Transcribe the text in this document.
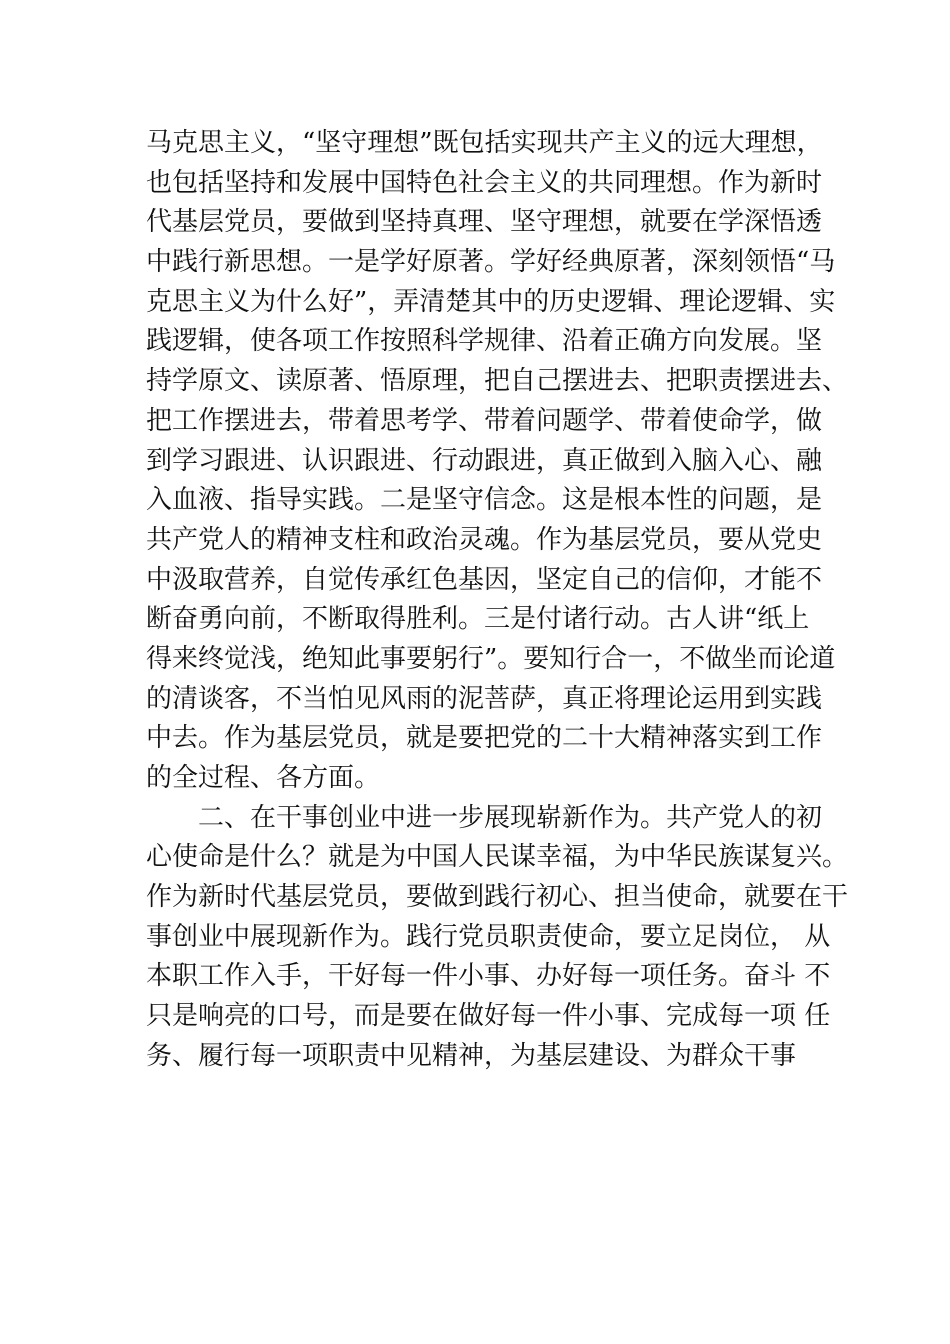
马克思主义，“坚守理想”既包括实现共产主义的远大理想，
也包括坚持和发展中国特色社会主义的共同理想。作为新时
代基层党员，要做到坚持真理、坚守理想，就要在学深悟透
中践行新思想。一是学好原著。学好经典原著，深刻领悟“马
克思主义为什么好”，弄清楚其中的历史逻辑、理论逻辑、实
践逻辑，使各项工作按照科学规律、沿着正确方向发展。坚
持学原文、读原著、悟原理，把自己摆进去、把职责摆进去、
把工作摆进去，带着思考学、带着问题学、带着使命学，做
到学习跟进、认识跟进、行动跟进，真正做到入脑入心、融
入血液、指导实践。二是坚守信念。这是根本性的问题，是
共产党人的精神支柱和政治灵魂。作为基层党员，要从党史
中汲取营养，自觉传承红色基因，坚定自己的信仰，才能不
断奋勇向前，不断取得胜利。三是付诸行动。古人讲“纸上
得来终觉浅，绝知此事要躬行”。要知行合一，不做坐而论道
的清谈客，不当怕见风雨的泥菩萨，真正将理论运用到实践
中去。作为基层党员，就是要把党的二十大精神落实到工作
的全过程、各方面。
二、在干事创业中进一步展现崭新作为。共产党人的初
心使命是什么？就是为中国人民谋幸福，为中华民族谋复兴。
作为新时代基层党员，要做到践行初心、担当使命，就要在干
事创业中展现新作为。践行党员职责使命，要立足岗位， 从
本职工作入手，干好每一件小事、办好每一项任务。奋斗 不
只是响亮的口号，而是要在做好每一件小事、完成每一项 任
务、履行每一项职责中见精神，为基层建设、为群众干事
